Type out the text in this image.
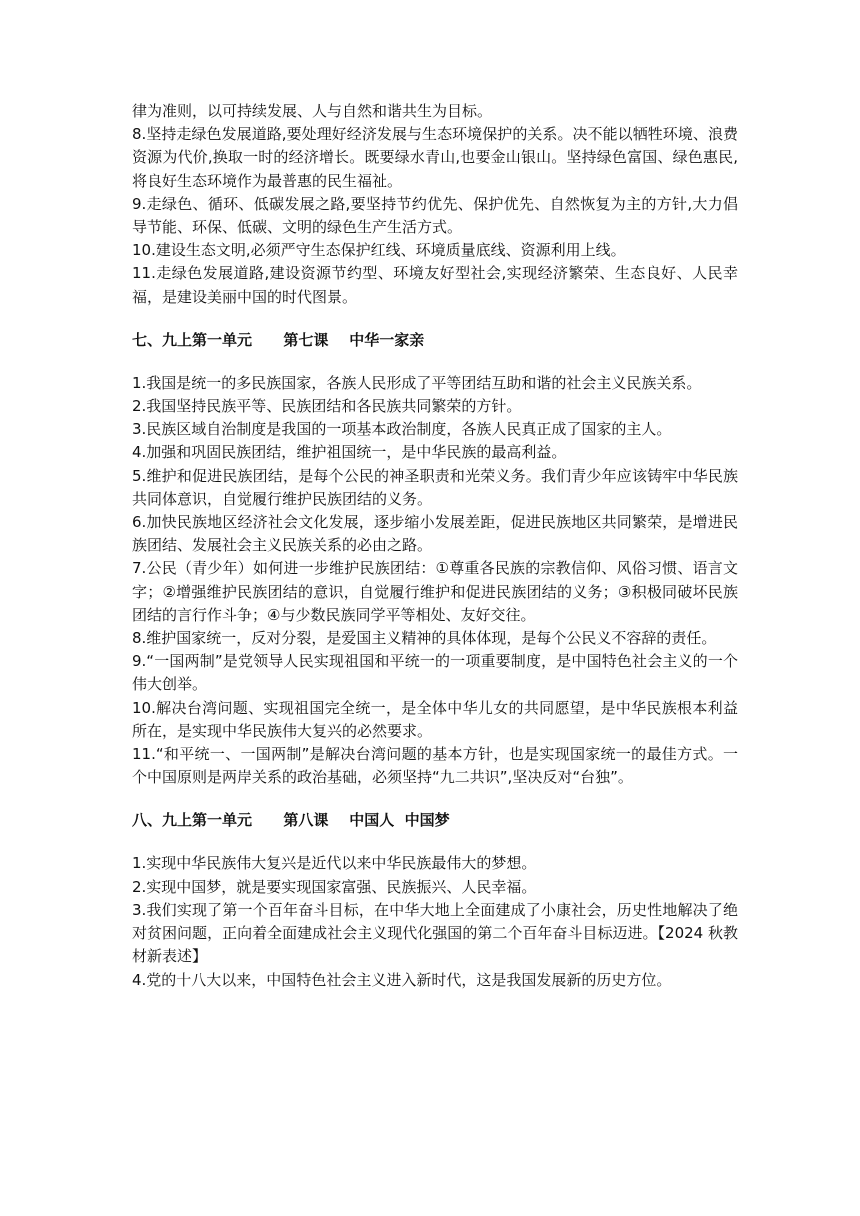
律为准则，以可持续发展、人与自然和谐共生为目标。

8.坚持走绿色发展道路,要处理好经济发展与生态环境保护的关系。决不能以牺牲环境、浪费资源为代价,换取一时的经济增长。既要绿水青山,也要金山银山。坚持绿色富国、绿色惠民,将良好生态环境作为最普惠的民生福祉。

9.走绿色、循环、低碳发展之路,要坚持节约优先、保护优先、自然恢复为主的方针,大力倡导节能、环保、低碳、文明的绿色生产生活方式。

10.建设生态文明,必须严守生态保护红线、环境质量底线、资源利用上线。

11.走绿色发展道路,建设资源节约型、环境友好型社会,实现经济繁荣、生态良好、人民幸福，是建设美丽中国的时代图景。

七、九上第一单元      第七课    中华一家亲

1.我国是统一的多民族国家，各族人民形成了平等团结互助和谐的社会主义民族关系。

2.我国坚持民族平等、民族团结和各民族共同繁荣的方针。

3.民族区域自治制度是我国的一项基本政治制度，各族人民真正成了国家的主人。

4.加强和巩固民族团结，维护祖国统一，是中华民族的最高利益。

5.维护和促进民族团结，是每个公民的神圣职责和光荣义务。我们青少年应该铸牢中华民族共同体意识，自觉履行维护民族团结的义务。

6.加快民族地区经济社会文化发展，逐步缩小发展差距，促进民族地区共同繁荣，是增进民族团结、发展社会主义民族关系的必由之路。

7.公民（青少年）如何进一步维护民族团结：①尊重各民族的宗教信仰、风俗习惯、语言文字；②增强维护民族团结的意识，自觉履行维护和促进民族团结的义务；③积极同破坏民族团结的言行作斗争；④与少数民族同学平等相处、友好交往。

8.维护国家统一，反对分裂，是爱国主义精神的具体体现，是每个公民义不容辞的责任。

9.“一国两制”是党领导人民实现祖国和平统一的一项重要制度，是中国特色社会主义的一个伟大创举。

10.解决台湾问题、实现祖国完全统一，是全体中华儿女的共同愿望，是中华民族根本利益所在，是实现中华民族伟大复兴的必然要求。

11.“和平统一、一国两制”是解决台湾问题的基本方针，也是实现国家统一的最佳方式。一个中国原则是两岸关系的政治基础，必须坚持“九二共识”,坚决反对“台独”。

八、九上第一单元      第八课    中国人  中国梦

1.实现中华民族伟大复兴是近代以来中华民族最伟大的梦想。

2.实现中国梦，就是要实现国家富强、民族振兴、人民幸福。

3.我们实现了第一个百年奋斗目标，在中华大地上全面建成了小康社会，历史性地解决了绝对贫困问题，正向着全面建成社会主义现代化强国的第二个百年奋斗目标迈进。【2024 秋教材新表述】

4.党的十八大以来，中国特色社会主义进入新时代，这是我国发展新的历史方位。
